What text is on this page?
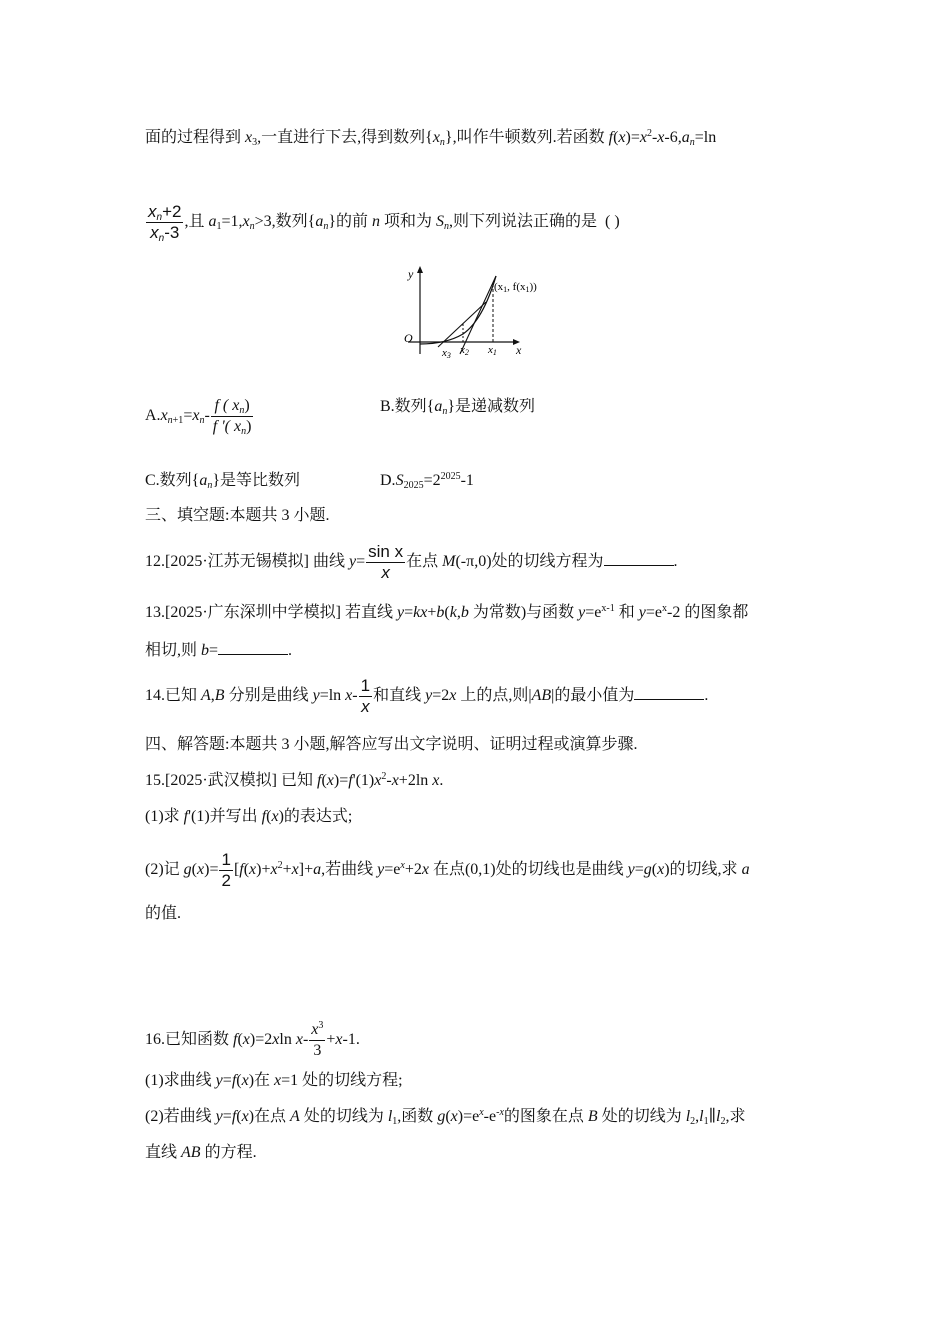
面的过程得到 $x_3$,一直进行下去,得到数列$\{x_n\}$,叫作牛顿数列.若函数 $f(x)=x^2-x-6,a_n=\ln$
$\frac{x_n+2}{x_n-3}$ ,且 $a_1=1,x_n>3$,数列$\{a_n\}$的前 n 项和为 $S_n$,则下列说法正确的是 ( )
y
x
O
x3 x2 x1
(x1, f(x1))
$A.x_{n+1}=x_n- \frac{f ( x_n)}{f '( x_n)}$	B.数列$\{a_n\}$是递减数列
C.数列$\{a_n\}$是等比数列	$D.S_{2025}=2^{2025}-1$
三、填空题:本题共 3 小题.
12.[2025·江苏无锡模拟] 曲线 $y= \frac{\text{sin x}}{x}$ 在点 M(-π,0)处的切线方程为	.
13.[2025·广东深圳中学模拟] 若直线 y=kx+b(k,b 为常数)与函数 $y=e^{x-1}$ 和 $y=e^x-2$ 的图象都
相切,则 b=	.
14.已知 A,B 分别是曲线 y=ln $x- \frac{1}{x}$ 和直线 y=2x 上的点,则|AB|的最小值为	.
四、解答题:本题共 3 小题,解答应写出文字说明、证明过程或演算步骤.
15.[2025·武汉模拟] 已知 $f(x)=f'(1)x^2-x+2\ln$ x.
(1)求 f'(1)并写出 f(x)的表达式;
(2)记 $g(x)= \frac{1}{2} [f(x)+x^2+x]+a$,若曲线 $y=e^x+2x$ 在点(0,1)处的切线也是曲线 y=g(x)的切线,求 a
的值.
16.已知函数 f(x)=2xln $x- \frac{x^3}{3} +x-1$.
(1)求曲线 y=f(x)在 x=1 处的切线方程;
(2)若曲线 y=f(x)在点 A 处的切线为 $l_1$,函数 $g(x)=e^x-e^{-x}$的图象在点 B 处的切线为 $l_2,l_1\parallel l_2$,求
直线 AB 的方程.
